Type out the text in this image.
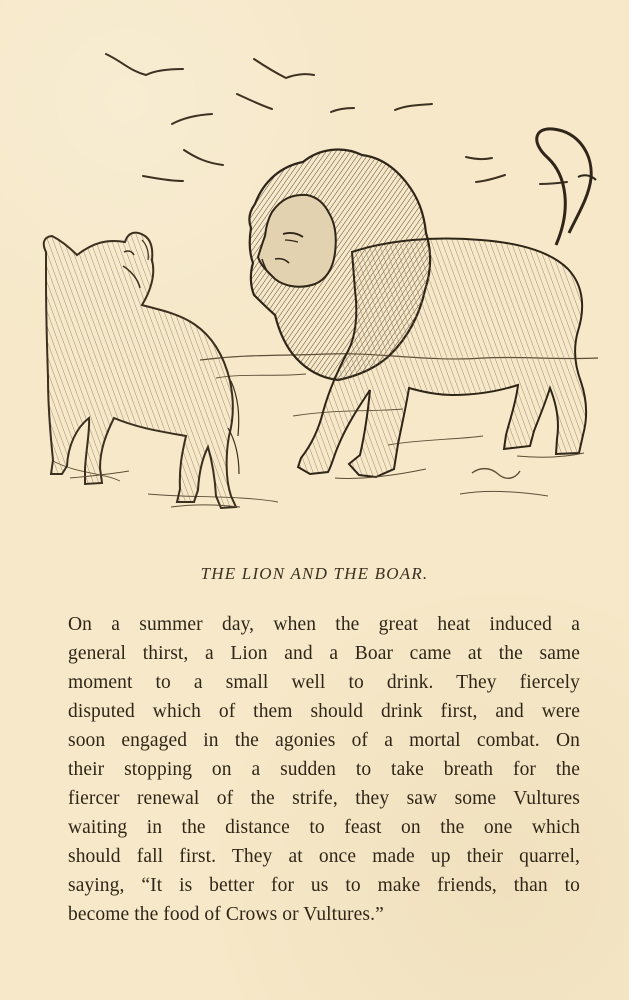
THE LION AND THE BOAR.

On a summer day, when the great heat induced a

general thirst, a Lion and a Boar came at the same

moment to a small well to drink. They fiercely

disputed which of them should drink first, and were

soon engaged in the agonies of a mortal combat. On

their stopping on a sudden to take breath for the

fiercer renewal of the strife, they saw some Vultures

waiting in the distance to feast on the one which

should fall first. They at once made up their quarrel,

saying, “It is better for us to make friends, than to

become the food of Crows or Vultures.”
